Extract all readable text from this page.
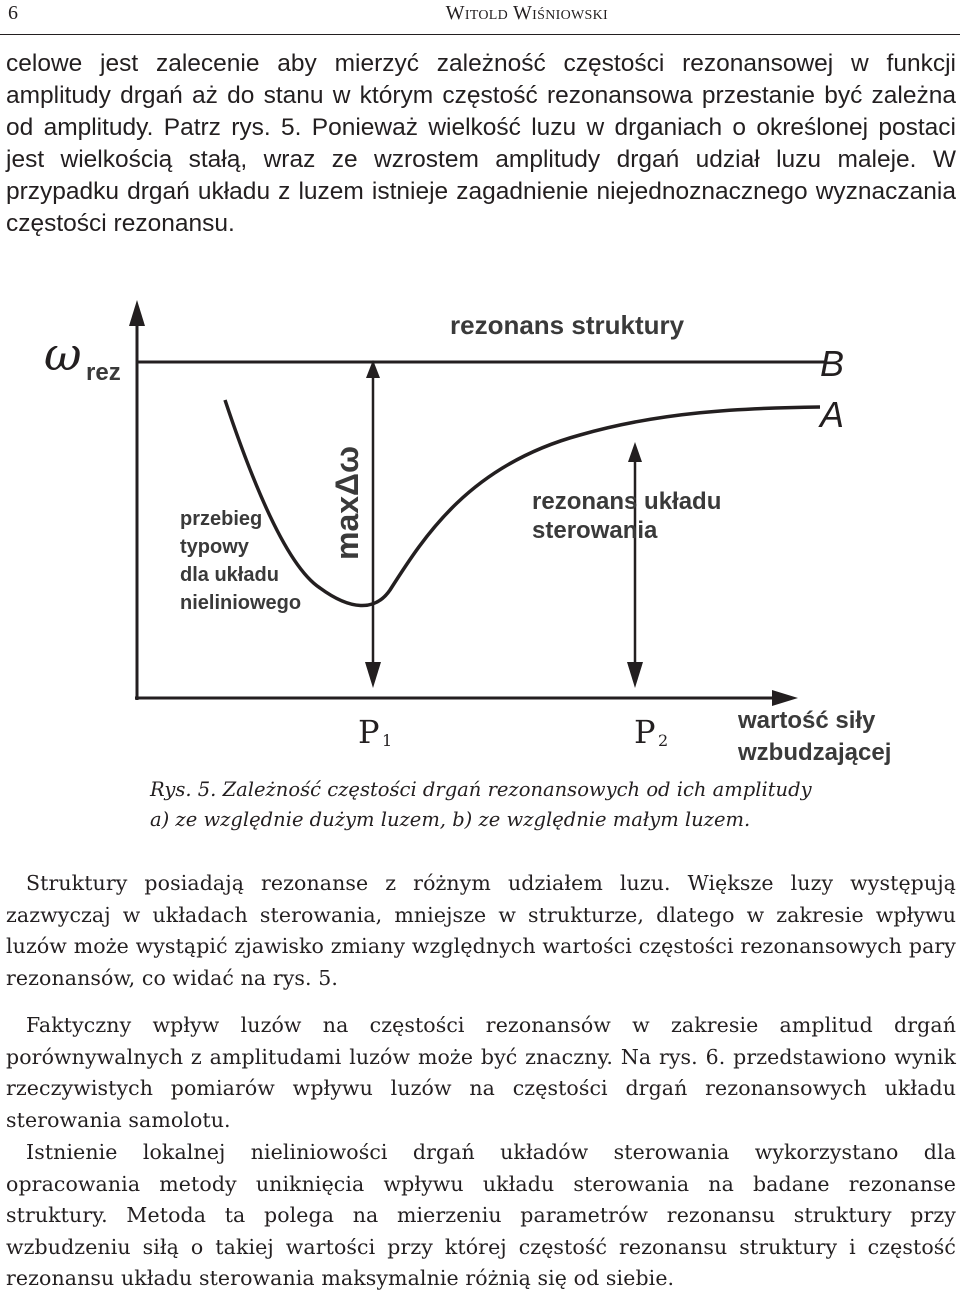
6	Witold Wiśniowski

celowe jest zalecenie aby mierzyć zależność częstości rezonansowej w funkcji amplitudy drgań aż do stanu w którym częstość rezonansowa przestanie być zależna od amplitudy. Patrz rys. 5. Ponieważ wielkość luzu w drganiach o określonej postaci jest wielkością stałą, wraz ze wzrostem amplitudy drgań udział luzu maleje. W przypadku drgań układu z luzem istnieje zagadnienie niejednoznacznego wyznaczania częstości rezonansu.

ω rez
rezonans struktury
B
A
maxΔω	rezonans układu
sterowania
przebieg
typowy
dla układu
nieliniowego
P 1	P 2
wartość siły
wzbudzającej

Rys. 5. Zależność częstości drgań rezonansowych od ich amplitudy
a) ze względnie dużym luzem, b) ze względnie małym luzem.

Struktury posiadają rezonanse z różnym udziałem luzu. Większe luzy występują zazwyczaj w układach sterowania, mniejsze w strukturze, dlatego w zakresie wpływu luzów może wystąpić zjawisko zmiany względnych wartości częstości rezonansowych pary rezonansów, co widać na rys. 5.

Faktyczny wpływ luzów na częstości rezonansów w zakresie amplitud drgań porównywalnych z amplitudami luzów może być znaczny. Na rys. 6. przedstawiono wynik rzeczywistych pomiarów wpływu luzów na częstości drgań rezonansowych układu sterowania samolotu.

Istnienie lokalnej nieliniowości drgań układów sterowania wykorzystano dla opracowania metody uniknięcia wpływu układu sterowania na badane rezonanse struktury. Metoda ta polega na mierzeniu parametrów rezonansu struktury przy wzbudzeniu siłą o takiej wartości przy której częstość rezonansu struktury i częstość rezonansu układu sterowania maksymalnie różnią się od siebie.
